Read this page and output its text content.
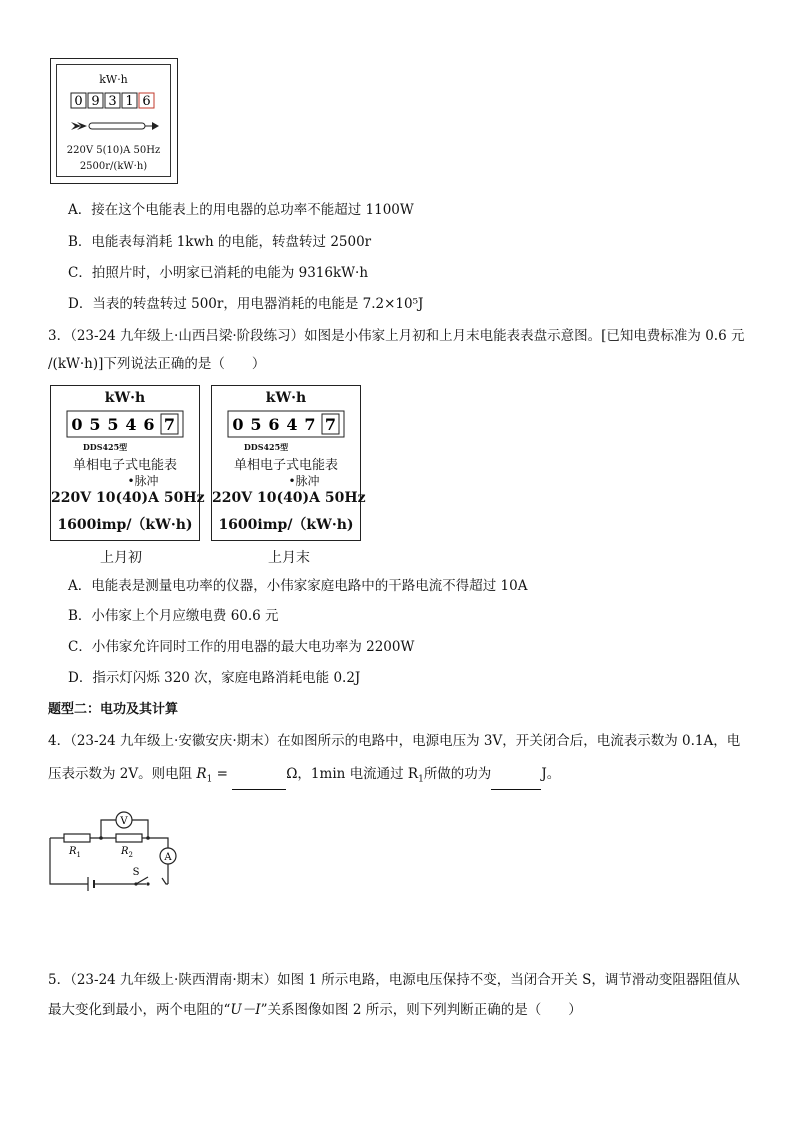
kW·h
0 9 3 1 6
220V 5(10)A 50Hz
2500r/(kW·h)
A．接在这个电能表上的用电器的总功率不能超过 1100W
B．电能表每消耗 1kwh 的电能，转盘转过 2500r
C．拍照片时，小明家已消耗的电能为 9316kW·h
D．当表的转盘转过 500r，用电器消耗的电能是 7.2×10⁵J
3．（23-24 九年级上·山西吕梁·阶段练习）如图是小伟家上月初和上月末电能表表盘示意图。[已知电费标准为 0.6 元
/(kW·h)]下列说法正确的是（　　）
kW·h
0 5 5 4 6 7
DDS425型
单相电子式电能表
•脉冲
220V 10(40)A 50Hz
1600imp/（kW·h)
上月初
kW·h
0 5 6 4 7 7
DDS425型
单相电子式电能表
•脉冲
220V 10(40)A 50Hz
1600imp/（kW·h)
上月末
A．电能表是测量电功率的仪器，小伟家家庭电路中的干路电流不得超过 10A
B．小伟家上个月应缴电费 60.6 元
C．小伟家允许同时工作的用电器的最大电功率为 2200W
D．指示灯闪烁 320 次，家庭电路消耗电能 0.2J
题型二：电功及其计算
4．（23-24 九年级上·安徽安庆·期末）在如图所示的电路中，电源电压为 3V，开关闭合后，电流表示数为 0.1A，电
压表示数为 2V。则电阻 $R_1$ =	Ω，1min 电流通过 $R_1$所做的功为	J。
V
A
S
$R_1$	$R_2$
5．（23-24 九年级上·陕西渭南·期末）如图 1 所示电路，电源电压保持不变，当闭合开关 S，调节滑动变阻器阻值从
最大变化到最小，两个电阻的“U－I”关系图像如图 2 所示，则下列判断正确的是（　　）
